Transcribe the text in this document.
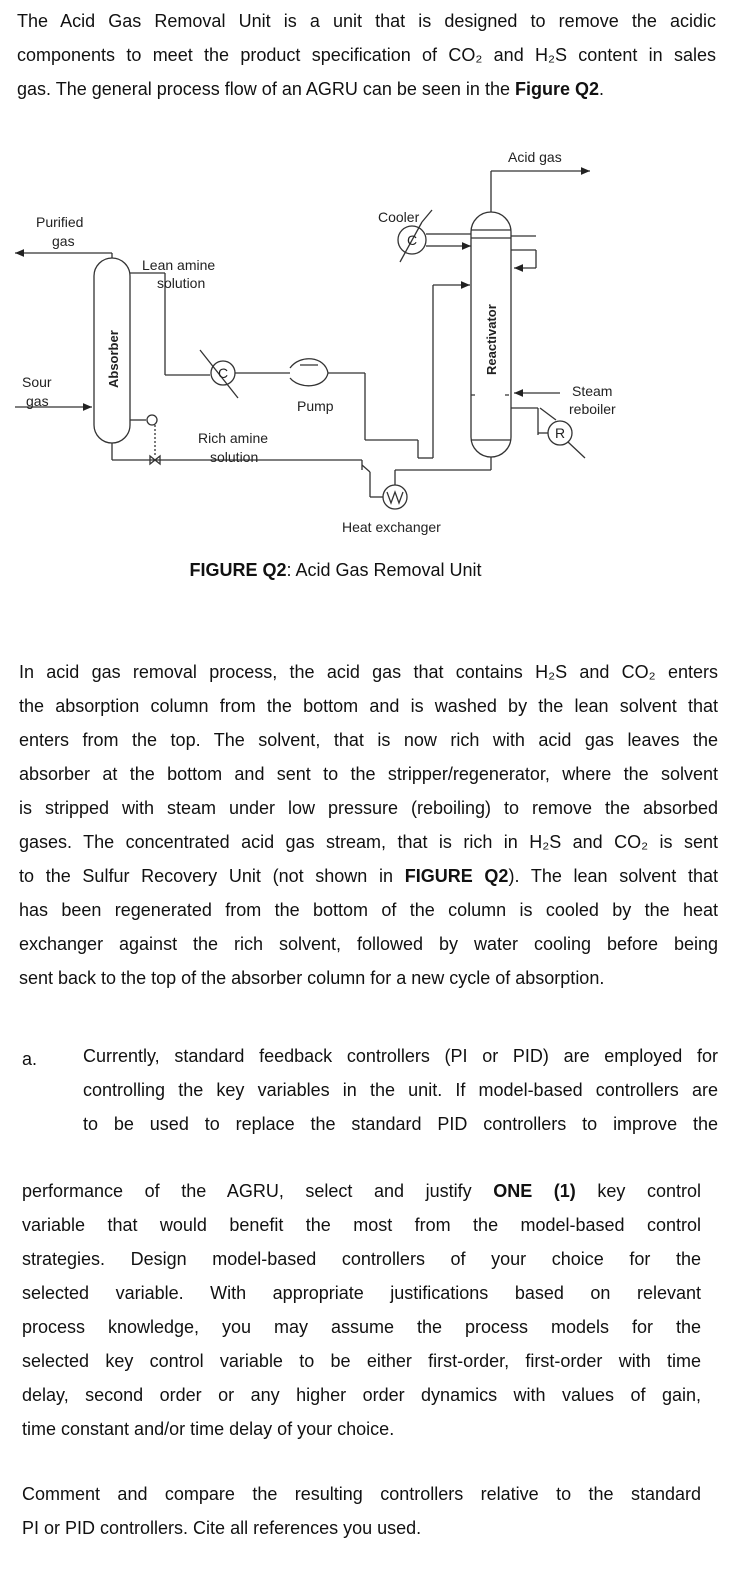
The Acid Gas Removal Unit is a unit that is designed to remove the acidic
components to meet the product specification of CO₂ and H₂S content in sales
gas. The general process flow of an AGRU can be seen in the Figure Q2.
Acid gas
Purified
gas
Cooler
C
Lean amine
solution
Absorber	Reactivator
Sour
gas
C
Pump
Steam
reboiler
R
Rich amine
solution
Heat exchanger
FIGURE Q2: Acid Gas Removal Unit
In acid gas removal process, the acid gas that contains H₂S and CO₂ enters
the absorption column from the bottom and is washed by the lean solvent that
enters from the top. The solvent, that is now rich with acid gas leaves the
absorber at the bottom and sent to the stripper/regenerator, where the solvent
is stripped with steam under low pressure (reboiling) to remove the absorbed
gases. The concentrated acid gas stream, that is rich in H₂S and CO₂ is sent
to the Sulfur Recovery Unit (not shown in FIGURE Q2). The lean solvent that
has been regenerated from the bottom of the column is cooled by the heat
exchanger against the rich solvent, followed by water cooling before being
sent back to the top of the absorber column for a new cycle of absorption.
a.	Currently, standard feedback controllers (PI or PID) are employed for
controlling the key variables in the unit. If model-based controllers are
to be used to replace the standard PID controllers to improve the
performance of the AGRU, select and justify ONE (1) key control
variable that would benefit the most from the model-based control
strategies. Design model-based controllers of your choice for the
selected variable. With appropriate justifications based on relevant
process knowledge, you may assume the process models for the
selected key control variable to be either first-order, first-order with time
delay, second order or any higher order dynamics with values of gain,
time constant and/or time delay of your choice.
Comment and compare the resulting controllers relative to the standard
PI or PID controllers. Cite all references you used.
